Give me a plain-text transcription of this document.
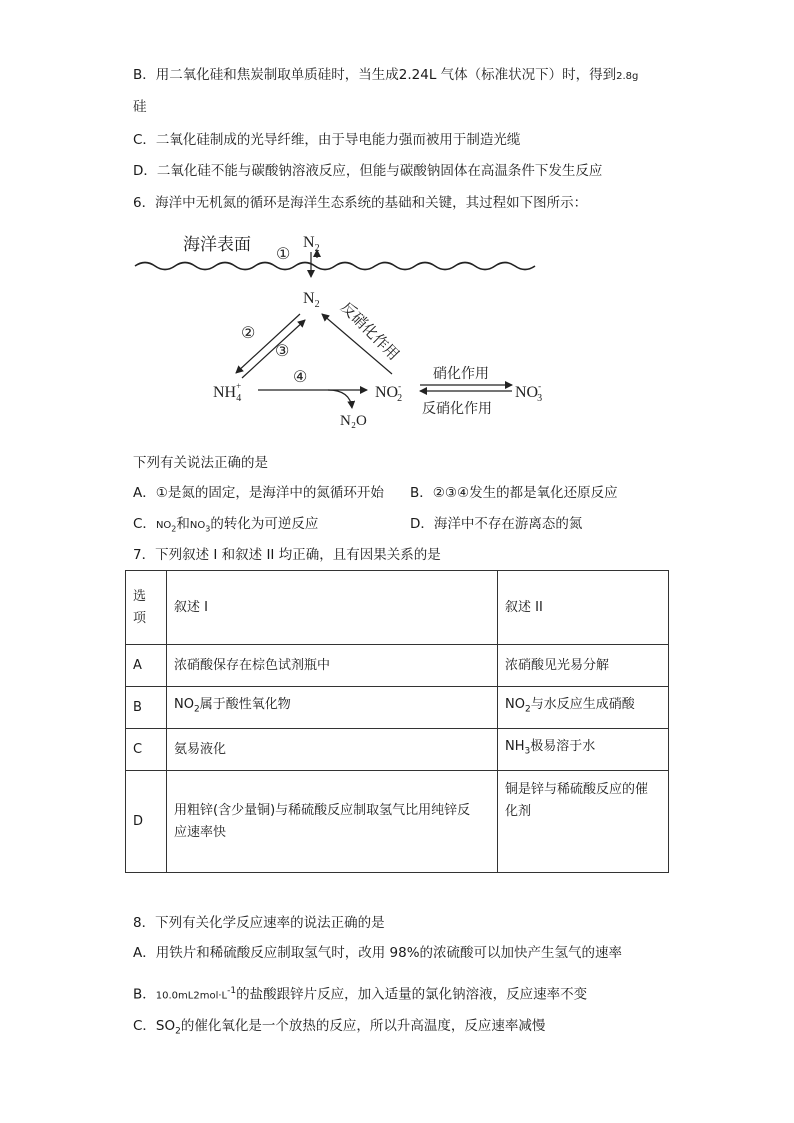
B．用二氧化硅和焦炭制取单质硅时，当生成2.24L 气体（标准状况下）时，得到2.8g
硅
C．二氧化硅制成的光导纤维，由于导电能力强而被用于制造光缆
D．二氧化硅不能与碳酸钠溶液反应，但能与碳酸钠固体在高温条件下发生反应
6．海洋中无机氮的循环是海洋生态系统的基础和关键，其过程如下图所示：
海洋表面 ①
$N_2$
$N_2$
②
③	反硝化作用
NH+ 4
④
N₂O
NO-2
硝化作用
反硝化作用
NO-3
下列有关说法正确的是
A．①是氮的固定，是海洋中的氮循环开始 B．②③④发生的都是氧化还原反应
C．$NO_2$和$NO_3$的转化为可逆反应	D．海洋中不存在游离态的氮
7．下列叙述 I 和叙述 II 均正确，且有因果关系的是
选
项	叙述 I	叙述 II
A	浓硝酸保存在棕色试剂瓶中	浓硝酸见光易分解
B	$NO_2$属于酸性氧化物	$NO_2$与水反应生成硝酸
C	氨易液化	$NH_3$极易溶于水
D	用粗锌(含少量铜)与稀硫酸反应制取氢气比用纯锌反
应速率快	铜是锌与稀硫酸反应的催
化剂
8．下列有关化学反应速率的说法正确的是
A．用铁片和稀硫酸反应制取氢气时，改用 98%的浓硫酸可以加快产生氢气的速率
B．$10.0mL2mol\cdot L^{-1}$的盐酸跟锌片反应，加入适量的氯化钠溶液，反应速率不变
C．$SO_2$的催化氧化是一个放热的反应，所以升高温度，反应速率减慢
